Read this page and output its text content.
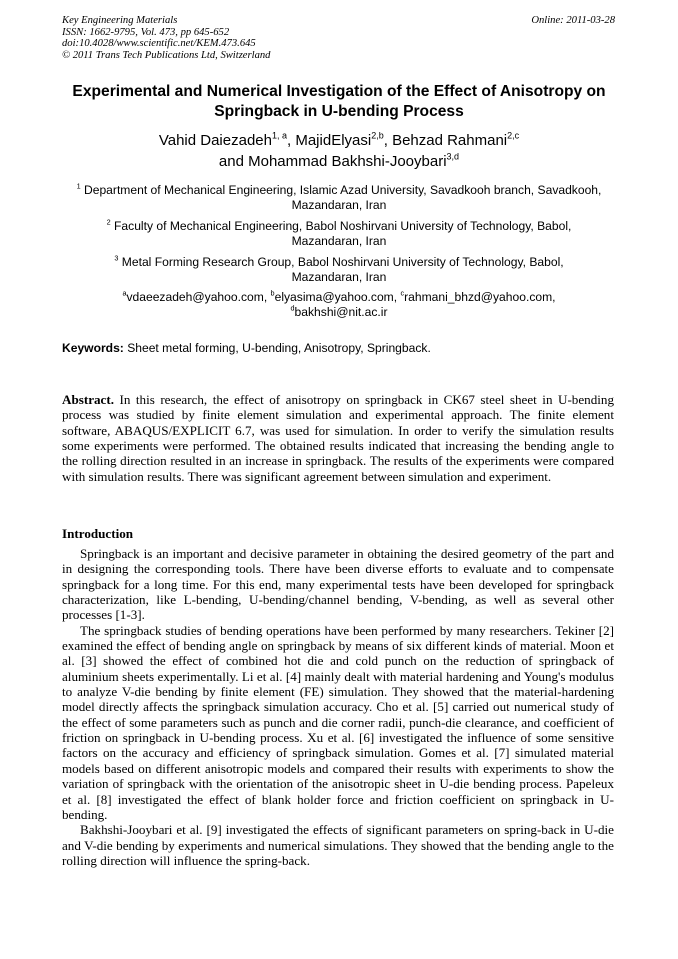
Key Engineering Materials
ISSN: 1662-9795, Vol. 473, pp 645-652
doi:10.4028/www.scientific.net/KEM.473.645
© 2011 Trans Tech Publications Ltd, Switzerland
Online: 2011-03-28
Experimental and Numerical Investigation of the Effect of Anisotropy on
Springback in U-bending Process
Vahid Daiezadeh$^{1, a}$, MajidElyasi$^{2,b}$, Behzad Rahmani$^{2,c}$
and Mohammad Bakhshi-Jooybari$^{3,d}$
$^1$ Department of Mechanical Engineering, Islamic Azad University, Savadkooh branch, Savadkooh,
Mazandaran, Iran
$^2$ Faculty of Mechanical Engineering, Babol Noshirvani University of Technology, Babol,
Mazandaran, Iran
$^3$ Metal Forming Research Group, Babol Noshirvani University of Technology, Babol,
Mazandaran, Iran
$^a$vdaeezadeh@yahoo.com, $^b$elyasima@yahoo.com, $^c$rahmani_bhzd@yahoo.com,
$^d$bakhshi@nit.ac.ir
Keywords: Sheet metal forming, U-bending, Anisotropy, Springback.

Abstract. In this research, the effect of anisotropy on springback in CK67 steel sheet in U-bending process was studied by finite element simulation and experimental approach. The finite element software, ABAQUS/EXPLICIT 6.7, was used for simulation. In order to verify the simulation results some experiments were performed. The obtained results indicated that increasing the bending angle to the rolling direction resulted in an increase in springback. The results of the experiments were compared with simulation results. There was significant agreement between simulation and experiment.

Introduction

Springback is an important and decisive parameter in obtaining the desired geometry of the part and in designing the corresponding tools. There have been diverse efforts to evaluate and to compensate springback for a long time. For this end, many experimental tests have been developed for springback characterization, like L-bending, U-bending/channel bending, V-bending, as well as several other processes [1-3].

The springback studies of bending operations have been performed by many researchers. Tekiner [2] examined the effect of bending angle on springback by means of six different kinds of material. Moon et al. [3] showed the effect of combined hot die and cold punch on the reduction of springback of aluminium sheets experimentally. Li et al. [4] mainly dealt with material hardening and Young's modulus to analyze V-die bending by finite element (FE) simulation. They showed that the material-hardening model directly affects the springback simulation accuracy. Cho et al. [5] carried out numerical study of the effect of some parameters such as punch and die corner radii, punch-die clearance, and coefficient of friction on springback in U-bending process. Xu et al. [6] investigated the influence of some sensitive factors on the accuracy and efficiency of springback simulation. Gomes et al. [7] simulated material models based on different anisotropic models and compared their results with experiments to show the variation of springback with the orientation of the anisotropic sheet in U-die bending process. Papeleux et al. [8] investigated the effect of blank holder force and friction coefficient on springback in U-bending.

Bakhshi-Jooybari et al. [9] investigated the effects of significant parameters on spring-back in U-die and V-die bending by experiments and numerical simulations. They showed that the bending angle to the rolling direction will influence the spring-back.
